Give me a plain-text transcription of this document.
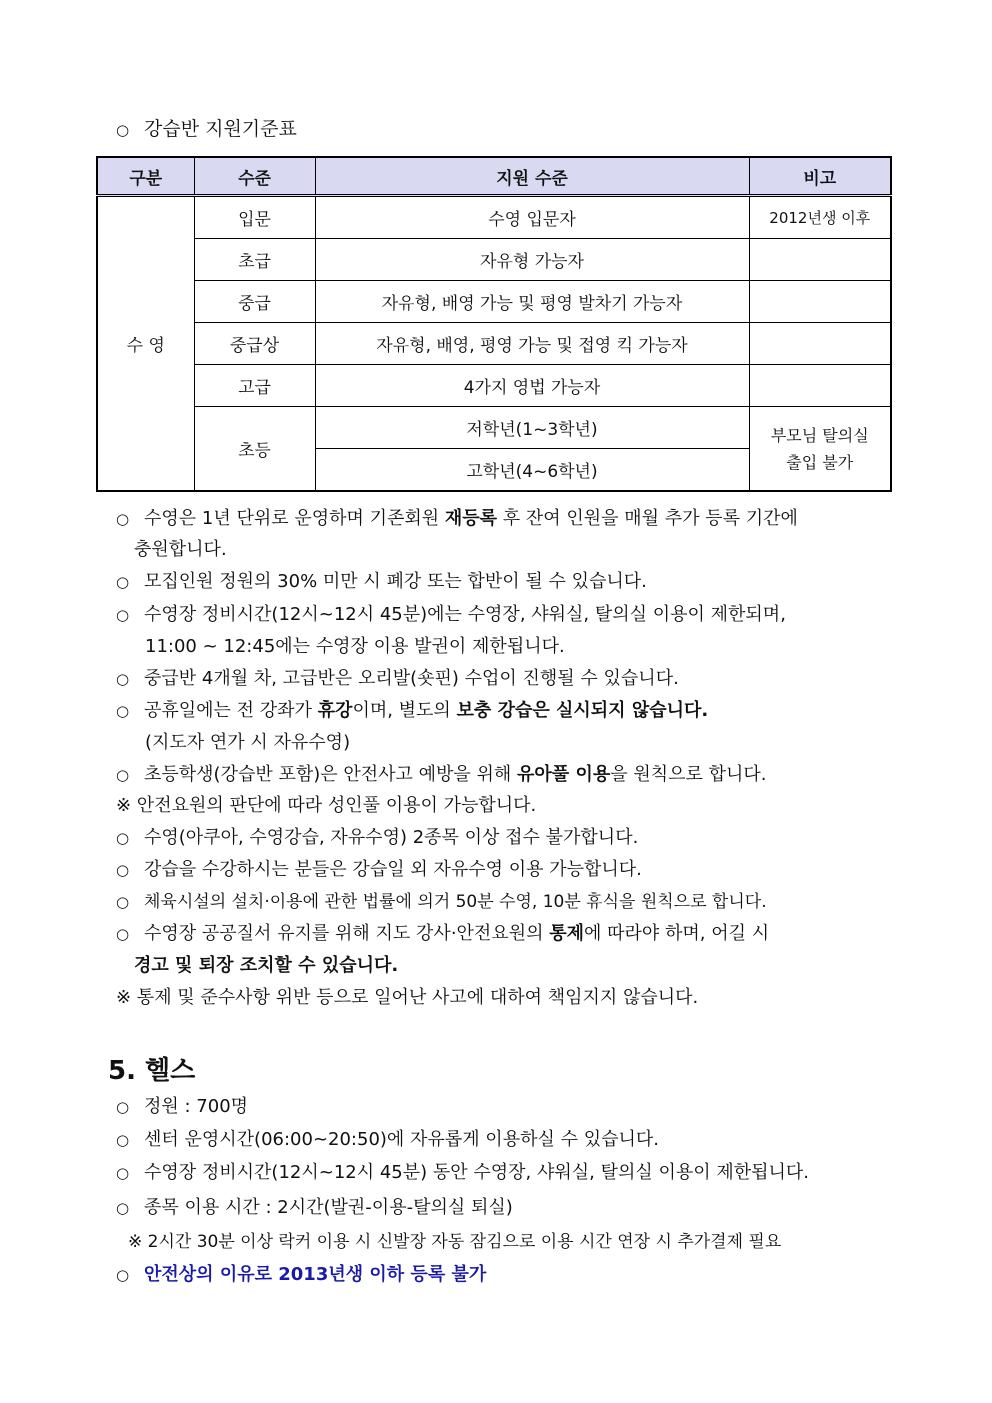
○ 강습반 지원기준표
구분	수준	지원 수준	비고
수 영	입문	수영 입문자	2012년생 이후
	초급	자유형 가능자	
	중급	자유형, 배영 가능 및 평영 발차기 가능자	
	중급상	자유형, 배영, 평영 가능 및 접영 킥 가능자	
	고급	4가지 영법 가능자	
	초등	저학년(1~3학년)	부모님 탈의실
출입 불가

		고학년(4~6학년)	
○ 수영은 1년 단위로 운영하며 기존회원 재등록 후 잔여 인원을 매월 추가 등록 기간에
충원합니다.
○ 모집인원 정원의 30% 미만 시 폐강 또는 합반이 될 수 있습니다.
○ 수영장 정비시간(12시~12시 45분)에는 수영장, 샤워실, 탈의실 이용이 제한되며,
11:00 ~ 12:45에는 수영장 이용 발권이 제한됩니다.
○ 중급반 4개월 차, 고급반은 오리발(숏핀) 수업이 진행될 수 있습니다.
○ 공휴일에는 전 강좌가 휴강이며, 별도의 보충 강습은 실시되지 않습니다.
(지도자 연가 시 자유수영)
○ 초등학생(강습반 포함)은 안전사고 예방을 위해 유아풀 이용을 원칙으로 합니다.
※ 안전요원의 판단에 따라 성인풀 이용이 가능합니다.
○ 수영(아쿠아, 수영강습, 자유수영) 2종목 이상 접수 불가합니다.
○ 강습을 수강하시는 분들은 강습일 외 자유수영 이용 가능합니다.
○ 체육시설의 설치·이용에 관한 법률에 의거 50분 수영, 10분 휴식을 원칙으로 합니다.
○ 수영장 공공질서 유지를 위해 지도 강사·안전요원의 통제에 따라야 하며, 어길 시
경고 및 퇴장 조치할 수 있습니다.
※ 통제 및 준수사항 위반 등으로 일어난 사고에 대하여 책임지지 않습니다.
5. 헬스
○ 정원 : 700명
○ 센터 운영시간(06:00~20:50)에 자유롭게 이용하실 수 있습니다.
○ 수영장 정비시간(12시~12시 45분) 동안 수영장, 샤워실, 탈의실 이용이 제한됩니다.
○ 종목 이용 시간 : 2시간(발권-이용-탈의실 퇴실)
※ 2시간 30분 이상 락커 이용 시 신발장 자동 잠김으로 이용 시간 연장 시 추가결제 필요
○ 안전상의 이유로 2013년생 이하 등록 불가
